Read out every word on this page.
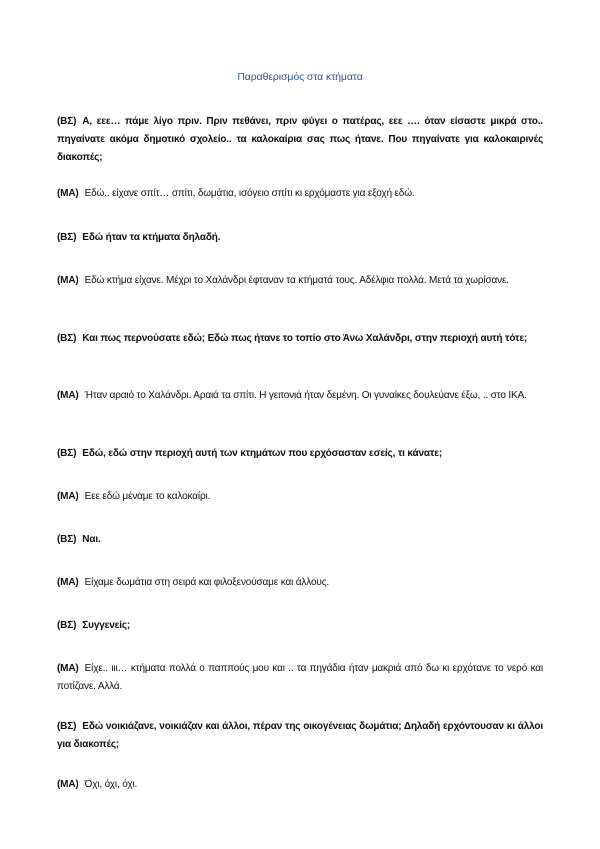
Παραθερισμός στα κτήματα
(ΒΣ) Α, εεε… πάμε λίγο πριν. Πριν πεθάνει, πριν φύγει ο πατέρας, εεε …. όταν είσαστε μικρά στο.. πηγαίνατε ακόμα δημοτικό σχολείο.. τα καλοκαίρια σας πως ήτανε. Που πηγαίνατε για καλοκαιρινές διακοπές;
(ΜΑ) Εδώ.. είχανε σπίτ… σπίτι, δωμάτια, ισόγειο σπίτι κι ερχόμαστε για εξοχή εδώ.
(ΒΣ) Εδώ ήταν τα κτήματα δηλαδή.
(ΜΑ) Εδώ κτήμα είχανε. Μέχρι το Χαλάνδρι έφταναν τα κτήματά τους. Αδέλφια πολλά. Μετά τα χωρίσανε.
(ΒΣ) Και πως περνούσατε εδώ; Εδώ πως ήτανε το τοπίο στο Άνω Χαλάνδρι, στην περιοχή αυτή τότε;
(ΜΑ) Ήταν αραιό το Χαλάνδρι. Αραιά τα σπίτι. Η γειτονιά ήταν δεμένη. Οι γυναίκες δουλεύανε έξω, .. στο ΙΚΑ.
(ΒΣ) Εδώ, εδώ στην περιοχή αυτή των κτημάτων που ερχόσασταν εσείς, τι κάνατε;
(ΜΑ) Εεε εδώ μέναμε το καλοκαίρι.
(ΒΣ) Ναι.
(ΜΑ) Είχαμε δωμάτια στη σειρά και φιλοξενούσαμε και άλλους.
(ΒΣ) Συγγενείς;
(ΜΑ) Είχε.. ιιι… κτήματα πολλά ο παππούς μου και .. τα πηγάδια ήταν μακριά από δω κι ερχότανε το νερό και ποτίζανε. Αλλά.
(ΒΣ) Εδώ νοικιάζανε, νοικιάζαν και άλλοι, πέραν της οικογένειας δωμάτια; Δηλαδή ερχόντουσαν κι άλλοι για διακοπές;
(ΜΑ) Όχι, όχι, όχι.
